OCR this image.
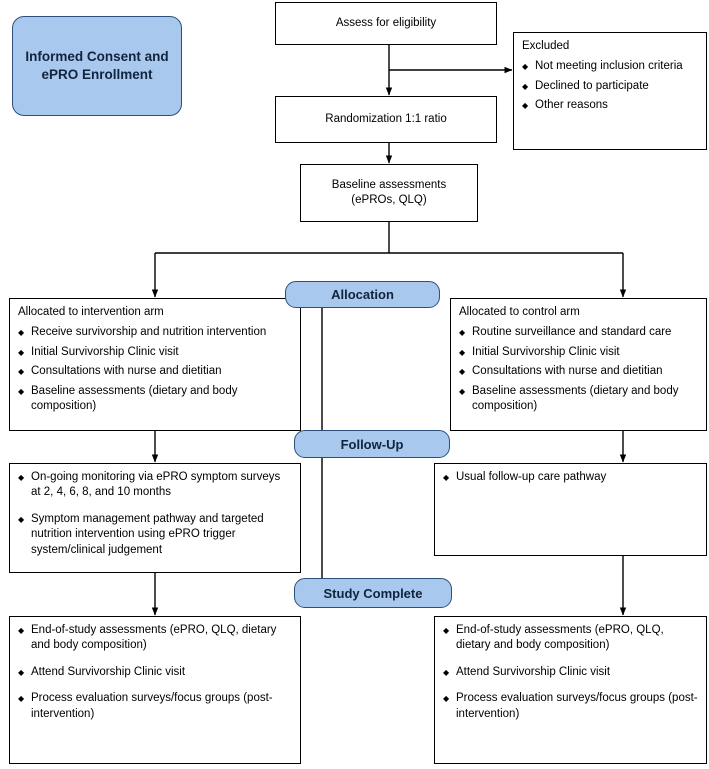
Informed Consent and ePRO Enrollment
Assess for eligibility
Excluded
◆ Not meeting inclusion criteria
◆ Declined to participate
◆ Other reasons
Randomization 1:1 ratio
Baseline assessments
(ePROs, QLQ)
Allocated to intervention arm
◆ Receive survivorship and nutrition intervention
◆ Initial Survivorship Clinic visit
◆ Consultations with nurse and dietitian
◆ Baseline assessments (dietary and body composition)
Allocated to control arm
◆ Routine surveillance and standard care
◆ Initial Survivorship Clinic visit
◆ Consultations with nurse and dietitian
◆ Baseline assessments (dietary and body composition)
◆ On-going monitoring via ePRO symptom surveys at 2, 4, 6, 8, and 10 months
◆ Symptom management pathway and targeted nutrition intervention using ePRO trigger system/clinical judgement
◆ Usual follow-up care pathway
◆ End-of-study assessments (ePRO, QLQ, dietary and body composition)
◆ Attend Survivorship Clinic visit
◆ Process evaluation surveys/focus groups (post-intervention)
◆ End-of-study assessments (ePRO, QLQ, dietary and body composition)
◆ Attend Survivorship Clinic visit
◆ Process evaluation surveys/focus groups (post-intervention)
Allocation
Follow-Up
Study Complete
